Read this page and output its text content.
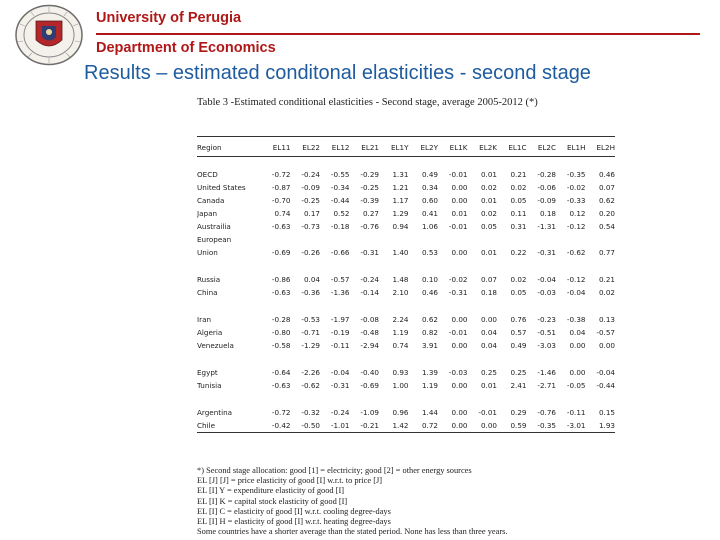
University of Perugia
Department of Economics
Results – estimated conditonal elasticities - second stage
Table 3 -Estimated conditional elasticities - Second stage, average 2005-2012 (*)
Region	EL11	EL22	EL12	EL21	EL1Y	EL2Y	EL1K	EL2K	EL1C	EL2C	EL1H	EL2H

OECD	-0.72	-0.24	-0.55	-0.29	1.31	0.49	-0.01	0.01	0.21	-0.28	-0.35	0.46
United States	-0.87	-0.09	-0.34	-0.25	1.21	0.34	0.00	0.02	0.02	-0.06	-0.02	0.07
Canada	-0.70	-0.25	-0.44	-0.39	1.17	0.60	0.00	0.01	0.05	-0.09	-0.33	0.62
Japan	0.74	0.17	0.52	0.27	1.29	0.41	0.01	0.02	0.11	0.18	0.12	0.20
Austrailia	-0.63	-0.73	-0.18	-0.76	0.94	1.06	-0.01	0.05	0.31	-1.31	-0.12	0.54
European												
Union	-0.69	-0.26	-0.66	-0.31	1.40	0.53	0.00	0.01	0.22	-0.31	-0.62	0.77

Russia	-0.86	0.04	-0.57	-0.24	1.48	0.10	-0.02	0.07	0.02	-0.04	-0.12	0.21
China	-0.63	-0.36	-1.36	-0.14	2.10	0.46	-0.31	0.18	0.05	-0.03	-0.04	0.02

Iran	-0.28	-0.53	-1.97	-0.08	2.24	0.62	0.00	0.00	0.76	-0.23	-0.38	0.13
Algeria	-0.80	-0.71	-0.19	-0.48	1.19	0.82	-0.01	0.04	0.57	-0.51	0.04	-0.57
Venezuela	-0.58	-1.29	-0.11	-2.94	0.74	3.91	0.00	0.04	0.49	-3.03	0.00	0.00

Egypt	-0.64	-2.26	-0.04	-0.40	0.93	1.39	-0.03	0.25	0.25	-1.46	0.00	-0.04
Tunisia	-0.63	-0.62	-0.31	-0.69	1.00	1.19	0.00	0.01	2.41	-2.71	-0.05	-0.44

Argentina	-0.72	-0.32	-0.24	-1.09	0.96	1.44	0.00	-0.01	0.29	-0.76	-0.11	0.15
Chile	-0.42	-0.50	-1.01	-0.21	1.42	0.72	0.00	0.00	0.59	-0.35	-3.01	1.93
*) Second stage allocation: good [1] = electricity; good [2] = other energy sources
EL [J] [J] = price elasticity of good [I] w.r.t. to price [J]
EL [I] Y = expenditure elasticity of good [I]
EL [I] K = capital stock elasticity of good [I]
EL [I] C = elasticity of good [I] w.r.t. cooling degree-days
EL [I] H = elasticity of good [I] w.r.t. heating degree-days
Some countries have a shorter average than the stated period. None has less than three years.
